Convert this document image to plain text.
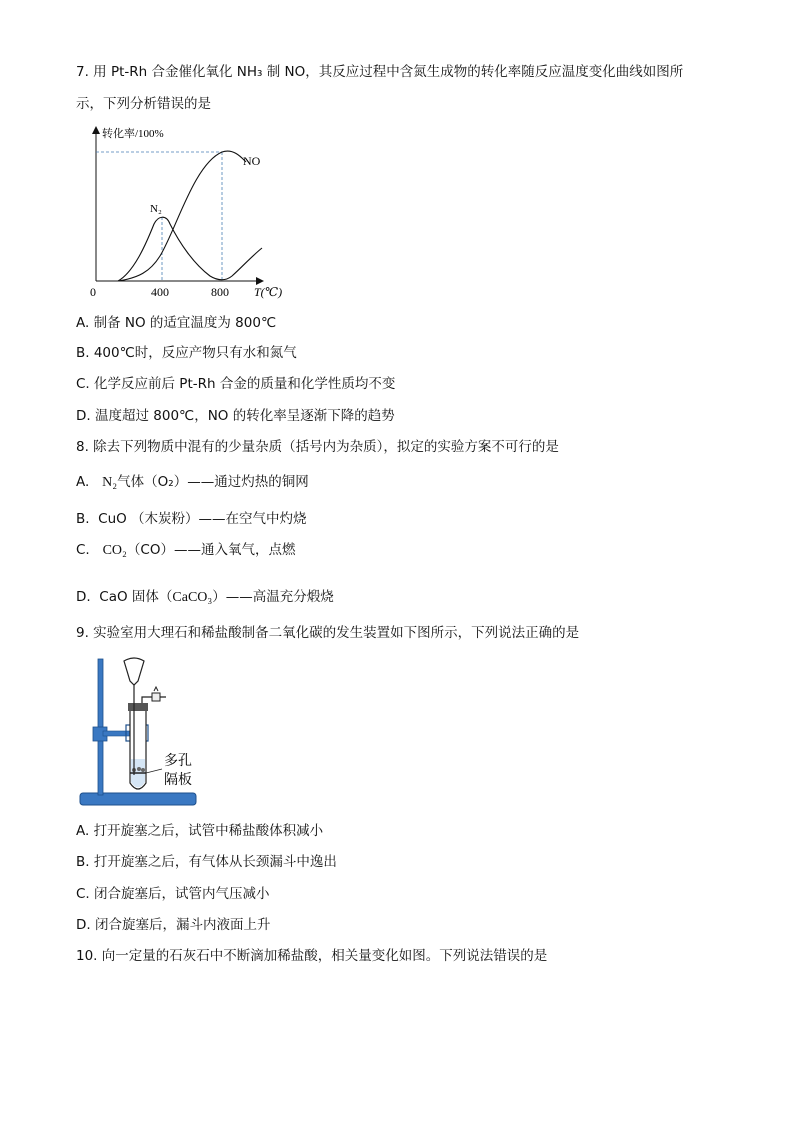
7. 用 Pt-Rh 合金催化氧化 NH₃ 制 NO，其反应过程中含氮生成物的转化率随反应温度变化曲线如图所
示，下列分析错误的是
转化率/100%
T(℃)
0	400	800
NO
N₂
A. 制备 NO 的适宜温度为 800℃
B. 400℃时，反应产物只有水和氮气
C. 化学反应前后 Pt-Rh 合金的质量和化学性质均不变
D. 温度超过 800℃，NO 的转化率呈逐渐下降的趋势
8. 除去下列物质中混有的少量杂质（括号内为杂质），拟定的实验方案不可行的是
A. N₂气体（O₂）——通过灼热的铜网
B. CuO （木炭粉）——在空气中灼烧
C. CO₂（CO）——通入氧气，点燃
D. CaO 固体（CaCO₃）——高温充分煅烧
9. 实验室用大理石和稀盐酸制备二氧化碳的发生装置如下图所示，下列说法正确的是
多孔
隔板
A. 打开旋塞之后，试管中稀盐酸体积减小
B. 打开旋塞之后，有气体从长颈漏斗中逸出
C. 闭合旋塞后，试管内气压减小
D. 闭合旋塞后，漏斗内液面上升
10. 向一定量的石灰石中不断滴加稀盐酸，相关量变化如图。下列说法错误的是
